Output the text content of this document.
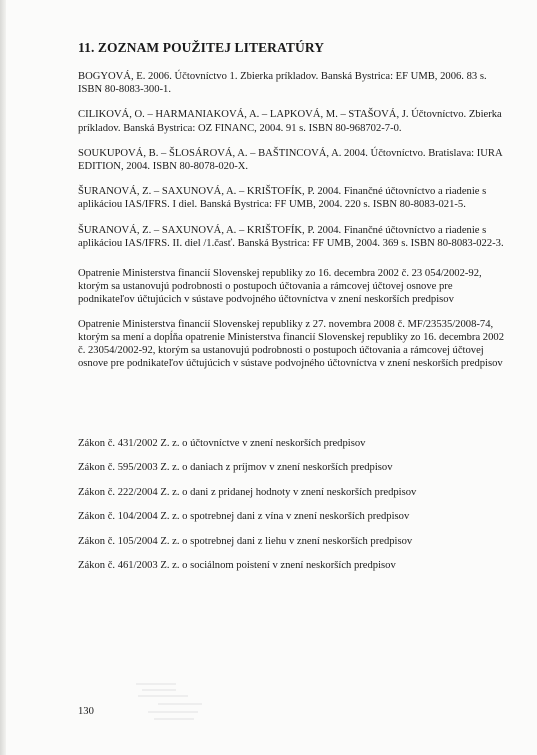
11. ZOZNAM POUŽITEJ LITERATÚRY

BOGYOVÁ, E. 2006. Účtovníctvo 1. Zbierka príkladov. Banská Bystrica: EF UMB, 2006. 83 s. ISBN 80-8083-300-1.

CILIKOVÁ, O. – HARMANIAKOVÁ, A. – LAPKOVÁ, M. – STAŠOVÁ, J. Účtovníctvo. Zbierka príkladov. Banská Bystrica: OZ FINANC, 2004. 91 s. ISBN 80-968702-7-0.

SOUKUPOVÁ, B. – ŠLOSÁROVÁ, A. – BAŠTINCOVÁ, A. 2004. Účtovníctvo. Bratislava: IURA EDITION, 2004. ISBN 80-8078-020-X.

ŠURANOVÁ, Z. – SAXUNOVÁ, A. – KRIŠTOFÍK, P. 2004. Finančné účtovníctvo a riadenie s aplikáciou IAS/IFRS. I diel. Banská Bystrica: FF UMB, 2004. 220 s. ISBN 80-8083-021-5.

ŠURANOVÁ, Z. – SAXUNOVÁ, A. – KRIŠTOFÍK, P. 2004. Finančné účtovníctvo a riadenie s aplikáciou IAS/IFRS. II. diel /1.časť. Banská Bystrica: FF UMB, 2004. 369 s. ISBN 80-8083-022-3.

Opatrenie Ministerstva financií Slovenskej republiky zo 16. decembra 2002 č. 23 054/2002-92, ktorým sa ustanovujú podrobnosti o postupoch účtovania a rámcovej účtovej osnove pre podnikateľov účtujúcich v sústave podvojného účtovníctva v znení neskorších predpisov

Opatrenie Ministerstva financií Slovenskej republiky z 27. novembra 2008 č. MF/23535/2008-74, ktorým sa mení a dopĺňa opatrenie Ministerstva financií Slovenskej republiky zo 16. decembra 2002 č. 23054/2002-92, ktorým sa ustanovujú podrobnosti o postupoch účtovania a rámcovej účtovej osnove pre podnikateľov účtujúcich v sústave podvojného účtovníctva v znení neskorších predpisov

Zákon č. 431/2002 Z. z. o účtovníctve v znení neskorších predpisov

Zákon č. 595/2003 Z. z. o daniach z príjmov v znení neskorších predpisov

Zákon č. 222/2004 Z. z. o dani z pridanej hodnoty v znení neskorších predpisov

Zákon č. 104/2004 Z. z. o spotrebnej dani z vína v znení neskorších predpisov

Zákon č. 105/2004 Z. z. o spotrebnej dani z liehu v znení neskorších predpisov

Zákon č. 461/2003 Z. z. o sociálnom poistení v znení neskorších predpisov

130
